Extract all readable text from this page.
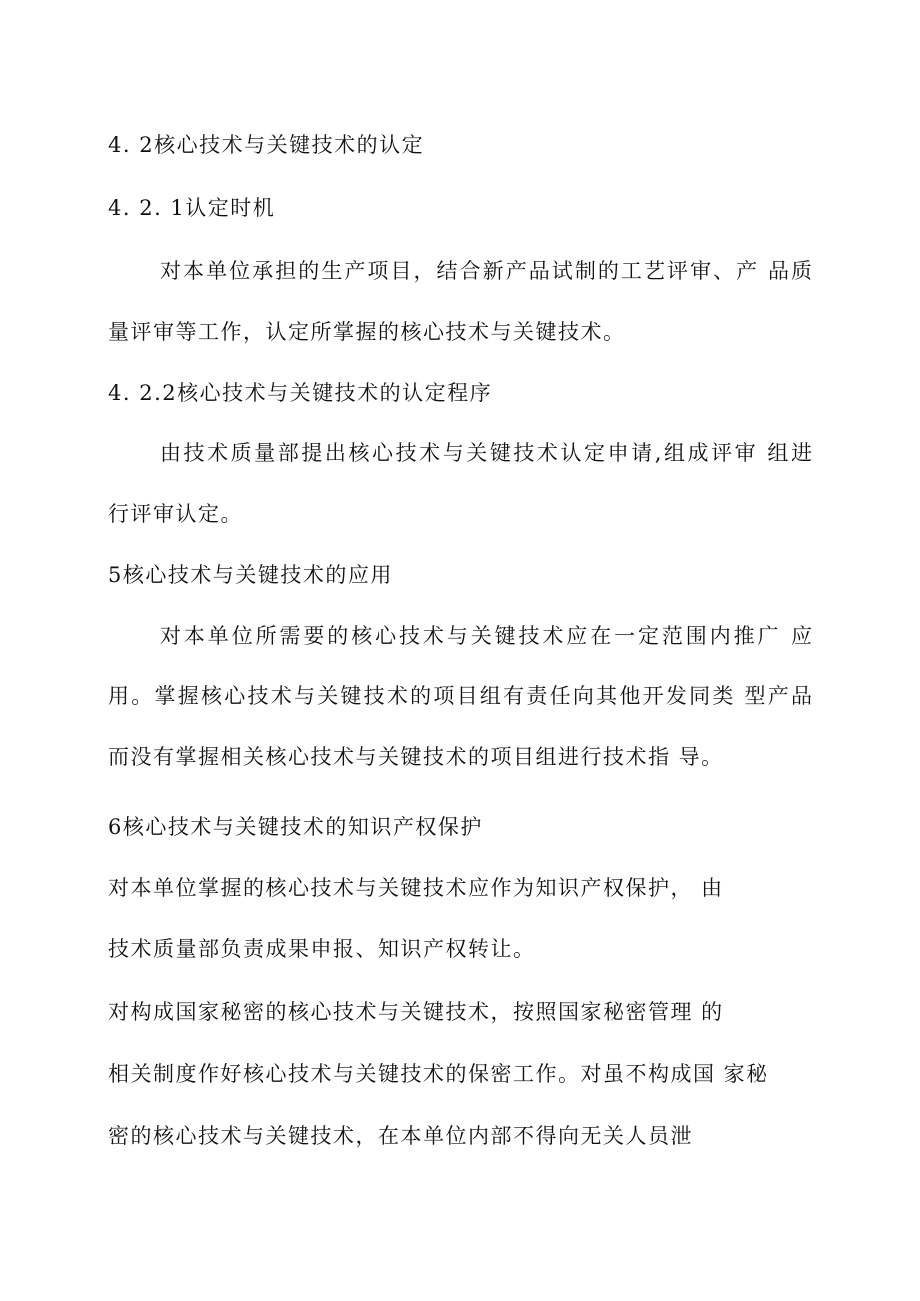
4. 2核心技术与关键技术的认定

4. 2. 1认定时机

对本单位承担的生产项目，结合新产品试制的工艺评审、产 品质

量评审等工作，认定所掌握的核心技术与关键技术。

4. 2.2核心技术与关键技术的认定程序

由技术质量部提出核心技术与关键技术认定申请,组成评审 组进

行评审认定。

5核心技术与关键技术的应用

对本单位所需要的核心技术与关键技术应在一定范围内推广 应

用。掌握核心技术与关键技术的项目组有责任向其他开发同类 型产品

而没有掌握相关核心技术与关键技术的项目组进行技术指 导。

6核心技术与关键技术的知识产权保护

对本单位掌握的核心技术与关键技术应作为知识产权保护， 由

技术质量部负责成果申报、知识产权转让。

对构成国家秘密的核心技术与关键技术，按照国家秘密管理 的

相关制度作好核心技术与关键技术的保密工作。对虽不构成国 家秘

密的核心技术与关键技术，在本单位内部不得向无关人员泄
